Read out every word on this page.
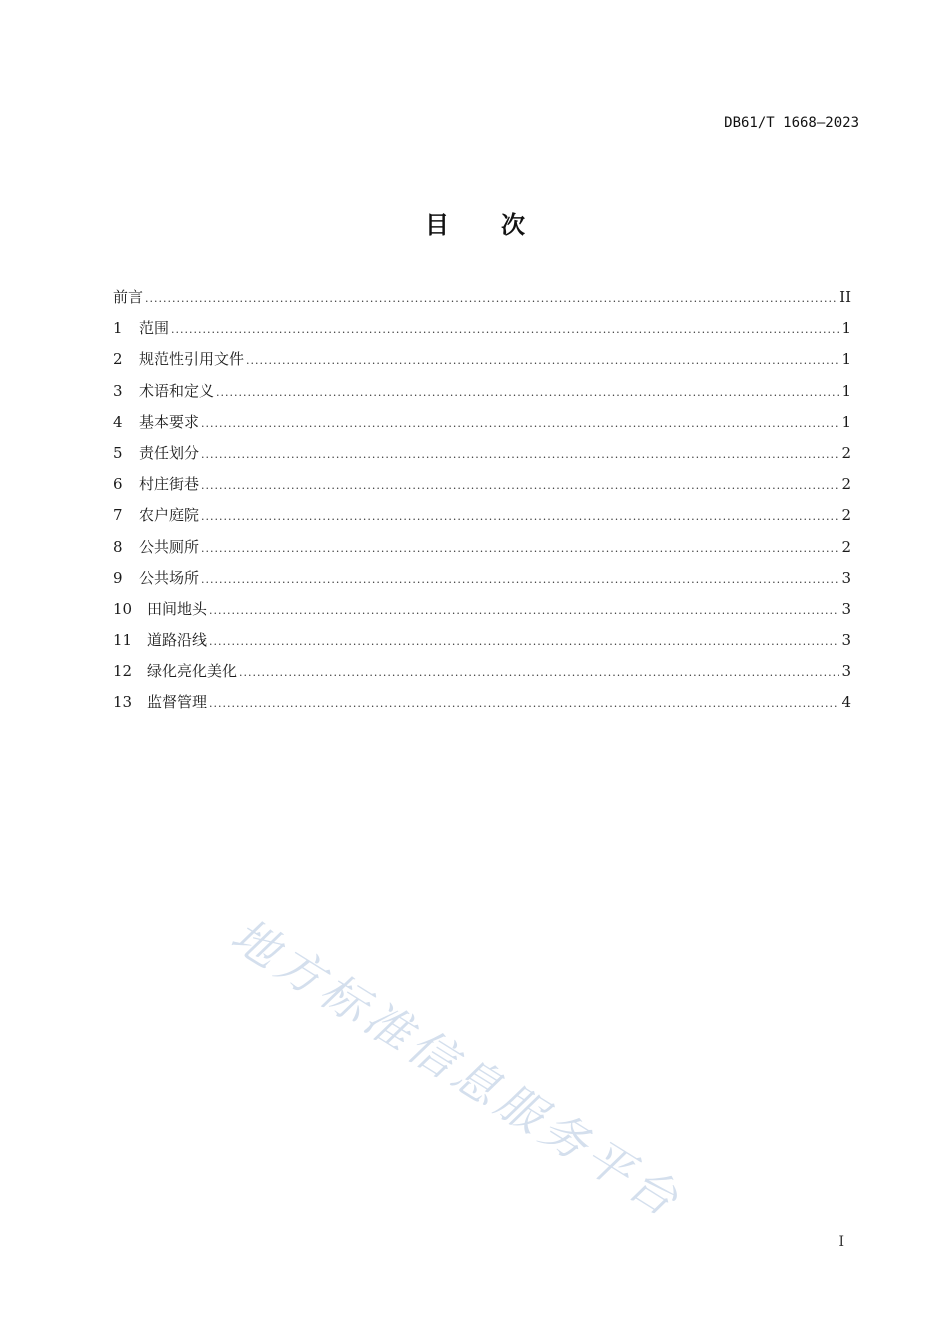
DB61/T 1668—2023
目 次
前言 .....	II
1	范围 .....	1
2	规范性引用文件 .....	1
3	术语和定义 .....	1
4	基本要求 .....	1
5	责任划分 .....	2
6	村庄街巷 .....	2
7	农户庭院 .....	2
8	公共厕所 .....	2
9	公共场所 .....	3
10 田间地头 .....	3
11 道路沿线 .....	3
12 绿化亮化美化 .....	3
13 监督管理 .....	4
地方标准信息服务平台
I
